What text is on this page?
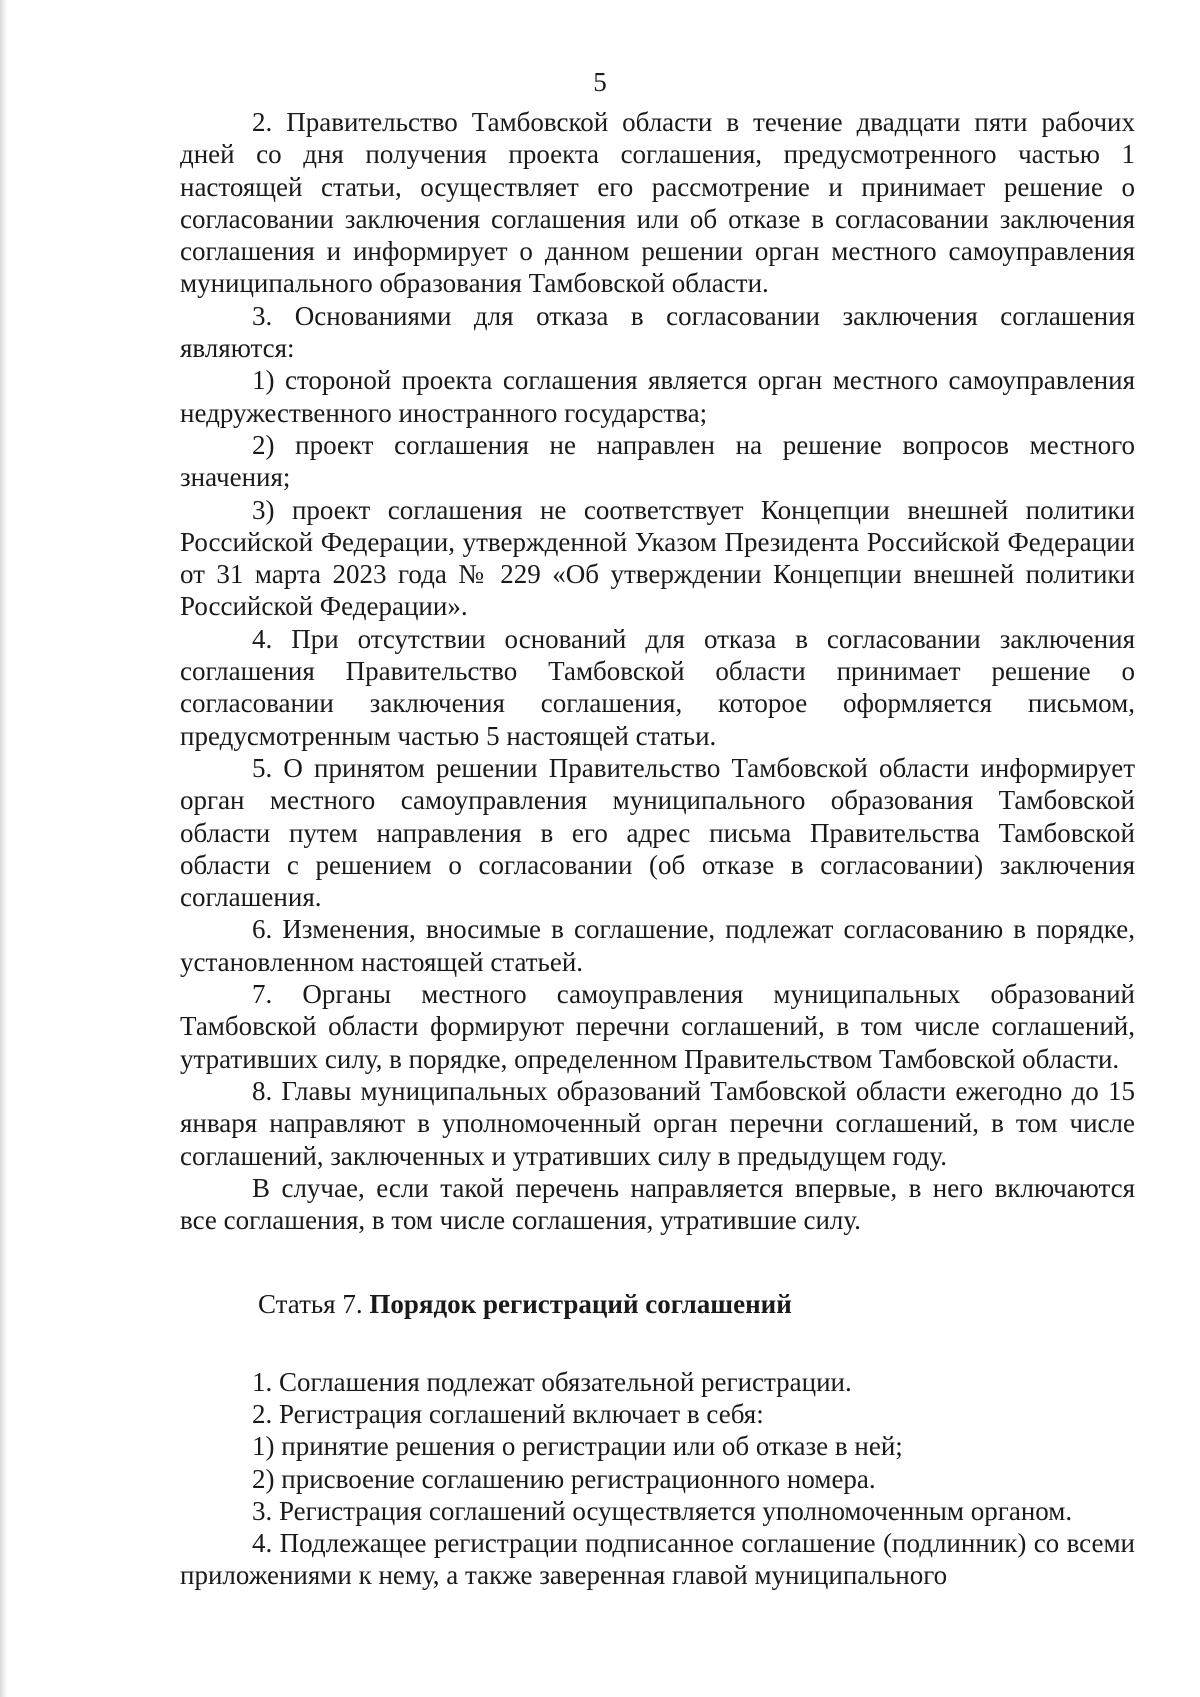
5

2. Правительство Тамбовской области в течение двадцати пяти рабочих дней со дня получения проекта соглашения, предусмотренного частью 1 настоящей статьи, осуществляет его рассмотрение и принимает решение о согласовании заключения соглашения или об отказе в согласовании заключения соглашения и информирует о данном решении орган местного самоуправления муниципального образования Тамбовской области.

3. Основаниями для отказа в согласовании заключения соглашения являются:

1) стороной проекта соглашения является орган местного самоуправления недружественного иностранного государства;

2) проект соглашения не направлен на решение вопросов местного значения;

3) проект соглашения не соответствует Концепции внешней политики Российской Федерации, утвержденной Указом Президента Российской Федерации от 31 марта 2023 года № 229 «Об утверждении Концепции внешней политики Российской Федерации».

4. При отсутствии оснований для отказа в согласовании заключения соглашения Правительство Тамбовской области принимает решение о согласовании заключения соглашения, которое оформляется письмом, предусмотренным частью 5 настоящей статьи.

5. О принятом решении Правительство Тамбовской области информирует орган местного самоуправления муниципального образования Тамбовской области путем направления в его адрес письма Правительства Тамбовской области с решением о согласовании (об отказе в согласовании) заключения соглашения.

6. Изменения, вносимые в соглашение, подлежат согласованию в порядке, установленном настоящей статьей.

7. Органы местного самоуправления муниципальных образований Тамбовской области формируют перечни соглашений, в том числе соглашений, утративших силу, в порядке, определенном Правительством Тамбовской области.

8. Главы муниципальных образований Тамбовской области ежегодно до 15 января направляют в уполномоченный орган перечни соглашений, в том числе соглашений, заключенных и утративших силу в предыдущем году.

В случае, если такой перечень направляется впервые, в него включаются все соглашения, в том числе соглашения, утратившие силу.

Статья 7. Порядок регистраций соглашений

1. Соглашения подлежат обязательной регистрации.

2. Регистрация соглашений включает в себя:

1) принятие решения о регистрации или об отказе в ней;

2) присвоение соглашению регистрационного номера.

3. Регистрация соглашений осуществляется уполномоченным органом.

4. Подлежащее регистрации подписанное соглашение (подлинник) со всеми приложениями к нему, а также заверенная главой муниципального
